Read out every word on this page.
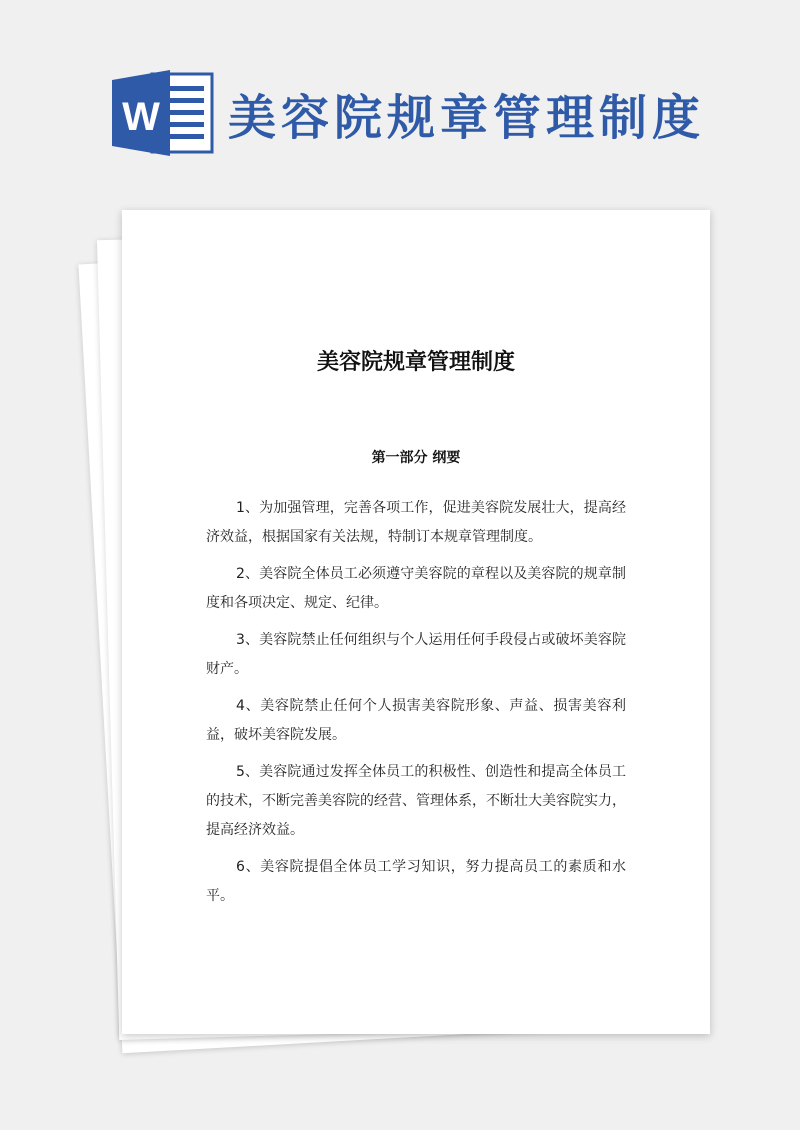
W 美容院规章管理制度
美容院规章管理制度
第一部分 纲要

1、为加强管理，完善各项工作，促进美容院发展壮大，提高经济效益，根据国家有关法规，特制订本规章管理制度。

2、美容院全体员工必须遵守美容院的章程以及美容院的规章制度和各项决定、规定、纪律。

3、美容院禁止任何组织与个人运用任何手段侵占或破坏美容院财产。

4、美容院禁止任何个人损害美容院形象、声益、损害美容利益，破坏美容院发展。

5、美容院通过发挥全体员工的积极性、创造性和提高全体员工的技术，不断完善美容院的经营、管理体系，不断壮大美容院实力，提高经济效益。

6、美容院提倡全体员工学习知识，努力提高员工的素质和水平。
